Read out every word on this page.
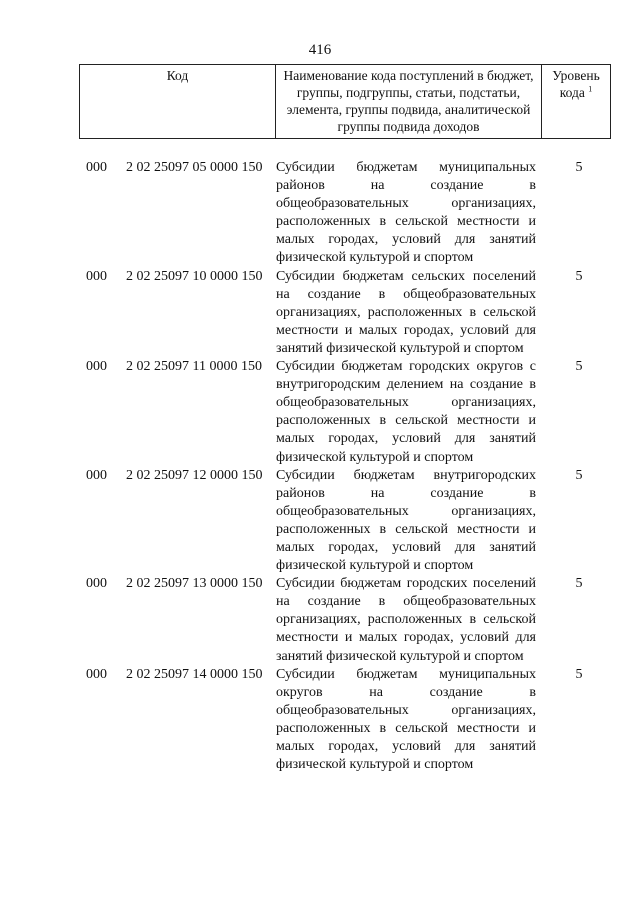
416
Код	Наименование кода поступлений в бюджет, группы, подгруппы, статьи, подстатьи, элемента, группы подвида, аналитической группы подвида доходов
Уровень кода $^1$
000	2 02 25097 05 0000 150 Субсидии бюджетам муниципальных районов на создание в общеобразовательных организациях, расположенных в сельской местности и малых городах, условий для занятий физической культурой и спортом
5
000	2 02 25097 10 0000 150 Субсидии бюджетам сельских поселений на создание в общеобразовательных организациях, расположенных в сельской местности и малых городах, условий для занятий физической культурой и спортом
5
000	2 02 25097 11 0000 150	Субсидии бюджетам городских округов с внутригородским делением на создание в общеобразовательных организациях, расположенных в сельской местности и малых городах, условий для занятий физической культурой и спортом
5
000	2 02 25097 12 0000 150 Субсидии бюджетам внутригородских районов на создание в общеобразовательных организациях, расположенных в сельской местности и малых городах, условий для занятий физической культурой и спортом
5
000	2 02 25097 13 0000 150 Субсидии бюджетам городских поселений на создание в общеобразовательных организациях, расположенных в сельской местности и малых городах, условий для занятий физической культурой и спортом
5
000	2 02 25097 14 0000 150 Субсидии бюджетам муниципальных округов на создание в общеобразовательных организациях, расположенных в сельской местности и малых городах, условий для занятий физической культурой и спортом
5
